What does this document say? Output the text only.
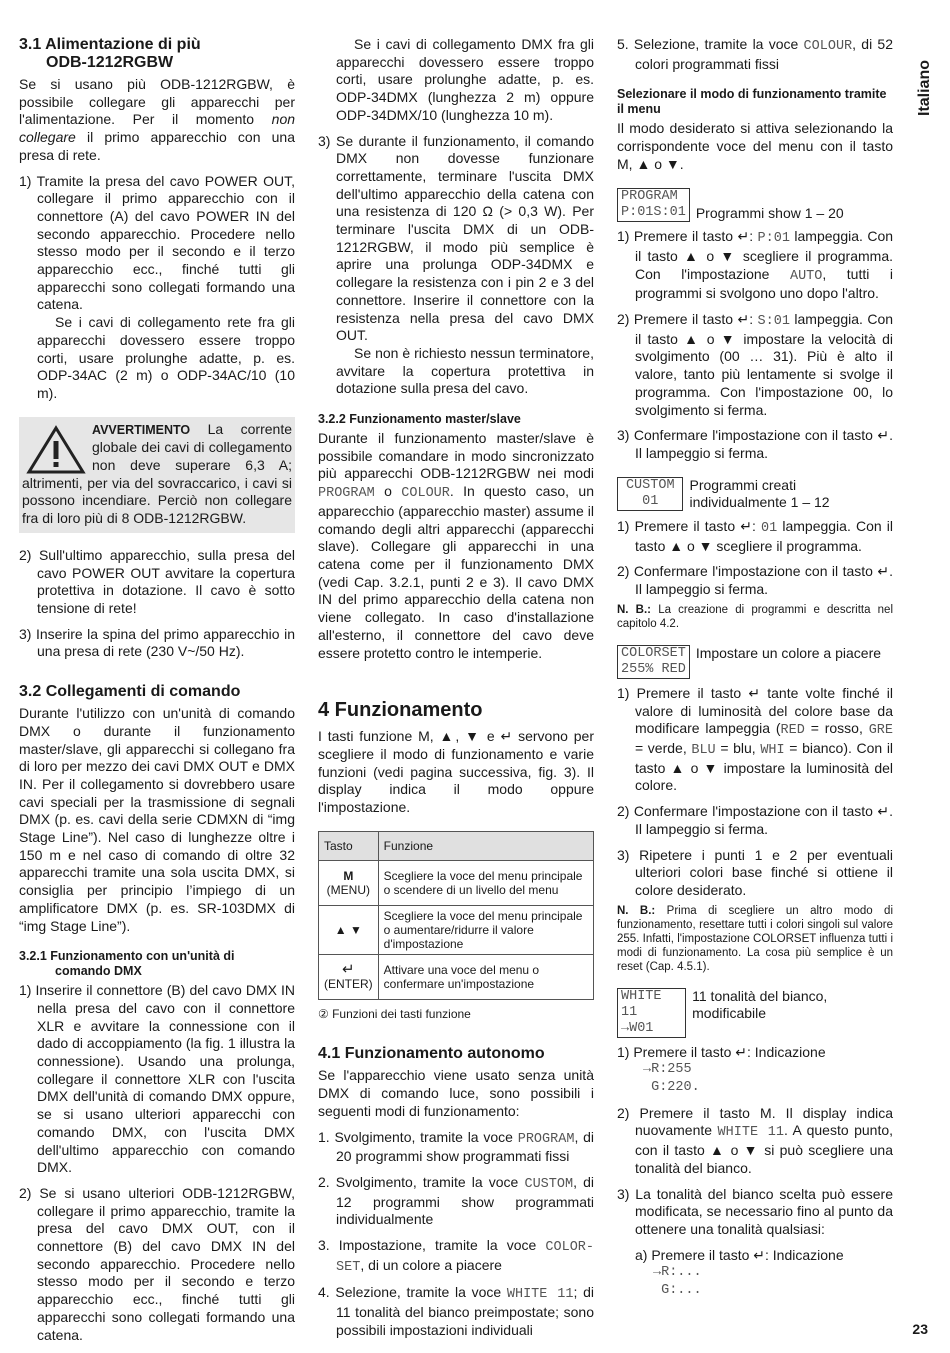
Italiano
3.1 Alimentazione di più
ODB-1212RGBW

Se si usano più ODB-1212RGBW, è possibile collegare gli apparecchi per l'alimentazione. Per il momento non collegare il primo apparecchio con una presa di rete.

1) Tramite la presa del cavo POWER OUT, collegare il primo apparecchio con il connettore (A) del cavo POWER IN del secondo apparecchio. Procedere nello stesso modo per il secondo e il terzo apparecchio ecc., finché tutti gli apparecchi sono collegati formando una catena.

Se i cavi di collegamento rete fra gli apparecchi dovessero essere troppo corti, usare prolunghe adatte, p. es. ODP-34AC (2 m) o ODP-34AC/10 (10 m).

AVVERTIMENTO La corrente globale dei cavi di collegamento non deve superare 6,3 A; altrimenti, per via del sovraccarico, i cavi si possono incendiare. Perciò non collegare fra di loro più di 8 ODB-1212RGBW.

2) Sull'ultimo apparecchio, sulla presa del cavo POWER OUT avvitare la copertura protettiva in dotazione. Il cavo è sotto tensione di rete!

3) Inserire la spina del primo apparecchio in una presa di rete (230 V~/50 Hz).

3.2 Collegamenti di comando

Durante l'utilizzo con un'unità di comando DMX o durante il funzionamento master/slave, gli apparecchi si collegano fra di loro per mezzo dei cavi DMX OUT e DMX IN. Per il collegamento si dovrebbero usare cavi speciali per la trasmissione di segnali DMX (p. es. cavi della serie CDMXN di “img Stage Line”). Nel caso di lunghezze oltre i 150 m e nel caso di comando di oltre 32 apparecchi tramite una sola uscita DMX, si consiglia per principio l’impiego di un amplificatore DMX (p. es. SR-103DMX di “img Stage Line”).

3.2.1 Funzionamento con un'unità di
comando DMX

1) Inserire il connettore (B) del cavo DMX IN nella presa del cavo con il connettore XLR e avvitare la connessione con il dado di accoppiamento (la fig. 1 illustra la connessione). Usando una prolunga, collegare il connettore XLR con l'uscita DMX dell'unità di comando DMX oppure, se si usano ulteriori apparecchi con comando DMX, con l'uscita DMX dell'ultimo apparecchio con comando DMX.

2) Se si usano ulteriori ODB-1212RGBW, collegare il primo apparecchio, tramite la presa del cavo DMX OUT, con il connettore (B) del cavo DMX IN del secondo apparecchio. Procedere nello stesso modo per il secondo e terzo apparecchio ecc., finché tutti gli apparecchi sono collegati formando una catena.

Se i cavi di collegamento DMX fra gli apparecchi dovessero essere troppo corti, usare prolunghe adatte, p. es. ODP-34DMX (lunghezza 2 m) oppure ODP-34DMX/10 (lunghezza 10 m).

3) Se durante il funzionamento, il comando DMX non dovesse funzionare correttamente, terminare l'uscita DMX dell'ultimo apparecchio della catena con una resistenza di 120 Ω (> 0,3 W). Per terminare l'uscita DMX di un ODB-1212RGBW, il modo più semplice è aprire una prolunga ODP-34DMX e collegare la resistenza con i pin 2 e 3 del connettore. Inserire il connettore con la resistenza nella presa del cavo DMX OUT.

Se non è richiesto nessun terminatore, avvitare la copertura protettiva in dotazione sulla presa del cavo.

3.2.2 Funzionamento master/slave

Durante il funzionamento master/slave è possibile comandare in modo sincronizzato più apparecchi ODB-1212RGBW nei modi PROGRAM o COLOUR. In questo caso, un apparecchio (apparecchio master) assume il comando degli altri apparecchi (apparecchi slave). Collegare gli apparecchi in una catena come per il funzionamento DMX (vedi Cap. 3.2.1, punti 2 e 3). Il cavo DMX IN del primo apparecchio della catena non viene collegato. In caso d'installazione all'esterno, il connettore del cavo deve essere protetto contro le intemperie.

4 Funzionamento

I tasti funzione M, ▲, ▼ e ↵ servono per scegliere il modo di funzionamento e varie funzioni (vedi pagina successiva, fig. 3). Il display indica il modo oppure l'impostazione.

Tasto	Funzione
M
(MENU)	Scegliere la voce del menu principale o scendere di un livello del menu
▲ ▼	Scegliere la voce del menu principale o aumentare/ridurre il valore d'impostazione
↵
(ENTER)	Attivare una voce del menu o confermare un'impostazione
② Funzioni dei tasti funzione
4.1 Funzionamento autonomo

Se l'apparecchio viene usato senza unità DMX di comando luce, sono possibili i seguenti modi di funzionamento:

1. Svolgimento, tramite la voce PROGRAM, di 20 programmi show programmati fissi

2. Svolgimento, tramite la voce CUSTOM, di 12 programmi show programmati individualmente

3. Impostazione, tramite la voce COLOR-SET, di un colore a piacere

4. Selezione, tramite la voce WHITE 11; di 11 tonalità del bianco preimpostate; sono possibili impostazioni individuali

5. Selezione, tramite la voce COLOUR, di 52 colori programmati fissi

Selezionare il modo di funzionamento tramite il menu

Il modo desiderato si attiva selezionando la corrispondente voce del menu con il tasto M, ▲ o ▼.

PROGRAM
P:01S:01 Programmi show 1 – 20

1) Premere il tasto ↵: P:01 lampeggia. Con il tasto ▲ o ▼ scegliere il programma. Con l'impostazione AUTO, tutti i programmi si svolgono uno dopo l'altro.

2) Premere il tasto ↵: S:01 lampeggia. Con il tasto ▲ o ▼ impostare la velocità di svolgimento (00 … 31). Più è alto il valore, tanto più lentamente si svolge il programma. Con l'impostazione 00, lo svolgimento si ferma.

3) Confermare l'impostazione con il tasto ↵. Il lampeggio si ferma.

CUSTOM
01
Programmi creati individualmente 1 – 12

1) Premere il tasto ↵: 01 lampeggia. Con il tasto ▲ o ▼ scegliere il programma.

2) Confermare l'impostazione con il tasto ↵. Il lampeggio si ferma.

N. B.: La creazione di programmi e descritta nel capitolo 4.2.

COLORSET
255% RED
Impostare un colore a piacere

1) Premere il tasto ↵ tante volte finché il valore di luminosità del colore base da modificare lampeggia (RED = rosso, GRE = verde, BLU = blu, WHI = bianco). Con il tasto ▲ o ▼ impostare la luminosità del colore.

2) Confermare l'impostazione con il tasto ↵. Il lampeggio si ferma.

3) Ripetere i punti 1 e 2 per eventuali ulteriori colori base finché si ottiene il colore desiderato.

N. B.: Prima di scegliere un altro modo di funzionamento, resettare tutti i colori singoli sul valore 255. Infatti, l'impostazione COLORSET influenza tutti i modi di funzionamento. La cosa più semplice è un reset (Cap. 4.5.1).

WHITE 11
→W01
11 tonalità del bianco, modificabile

1) Premere il tasto ↵: Indicazione

→R:255
G:220.

2) Premere il tasto M. Il display indica nuovamente WHITE 11. A questo punto, con il tasto ▲ o ▼ si può scegliere una tonalità del bianco.

3) La tonalità del bianco scelta può essere modificata, se necessario fino al punto da ottenere una tonalità qualsiasi:

a) Premere il tasto ↵: Indicazione

→R:...
G:...
23
